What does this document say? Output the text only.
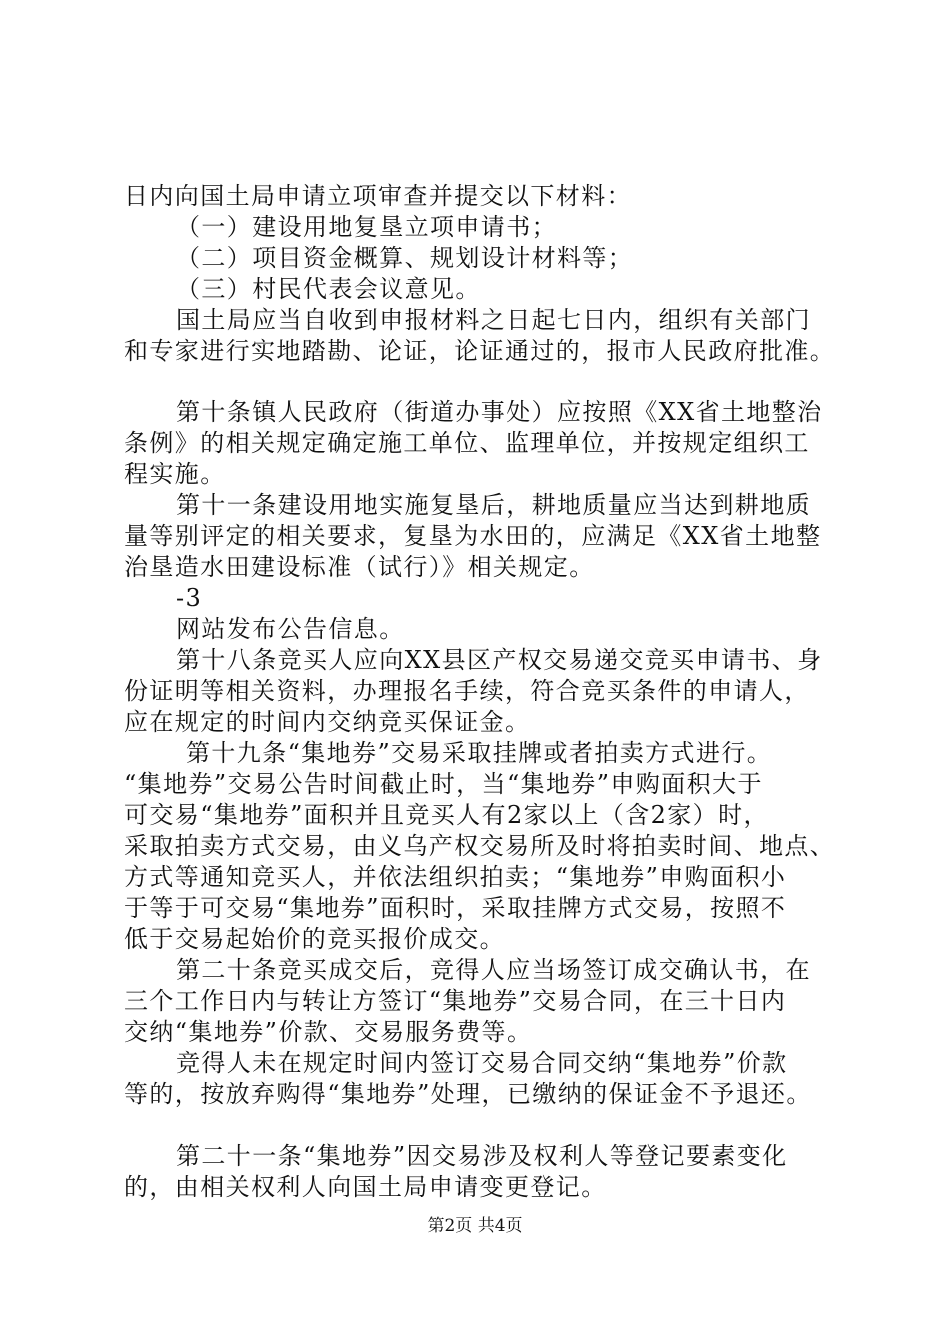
日内向国土局申请立项审查并提交以下材料：
（一）建设用地复垦立项申请书；
（二）项目资金概算、规划设计材料等；
（三）村民代表会议意见。
国土局应当自收到申报材料之日起七日内，组织有关部门
和专家进行实地踏勘、论证，论证通过的，报市人民政府批准。
第十条镇人民政府（街道办事处）应按照《XX省土地整治
条例》的相关规定确定施工单位、监理单位，并按规定组织工
程实施。
第十一条建设用地实施复垦后，耕地质量应当达到耕地质
量等别评定的相关要求，复垦为水田的，应满足《XX省土地整
治垦造水田建设标准（试行）》相关规定。
-3
网站发布公告信息。
第十八条竞买人应向XX县区产权交易递交竞买申请书、身
份证明等相关资料，办理报名手续，符合竞买条件的申请人，
应在规定的时间内交纳竞买保证金。
第十九条“集地券”交易采取挂牌或者拍卖方式进行。
“集地券”交易公告时间截止时，当“集地券”申购面积大于
可交易“集地券”面积并且竞买人有2家以上（含2家）时，
采取拍卖方式交易，由义乌产权交易所及时将拍卖时间、地点、
方式等通知竞买人，并依法组织拍卖；“集地券”申购面积小
于等于可交易“集地券”面积时，采取挂牌方式交易，按照不
低于交易起始价的竞买报价成交。
第二十条竞买成交后，竞得人应当场签订成交确认书，在
三个工作日内与转让方签订“集地券”交易合同，在三十日内
交纳“集地券”价款、交易服务费等。
竞得人未在规定时间内签订交易合同交纳“集地券”价款
等的，按放弃购得“集地券”处理，已缴纳的保证金不予退还。
第二十一条“集地券”因交易涉及权利人等登记要素变化
的，由相关权利人向国土局申请变更登记。
第2页 共4页
